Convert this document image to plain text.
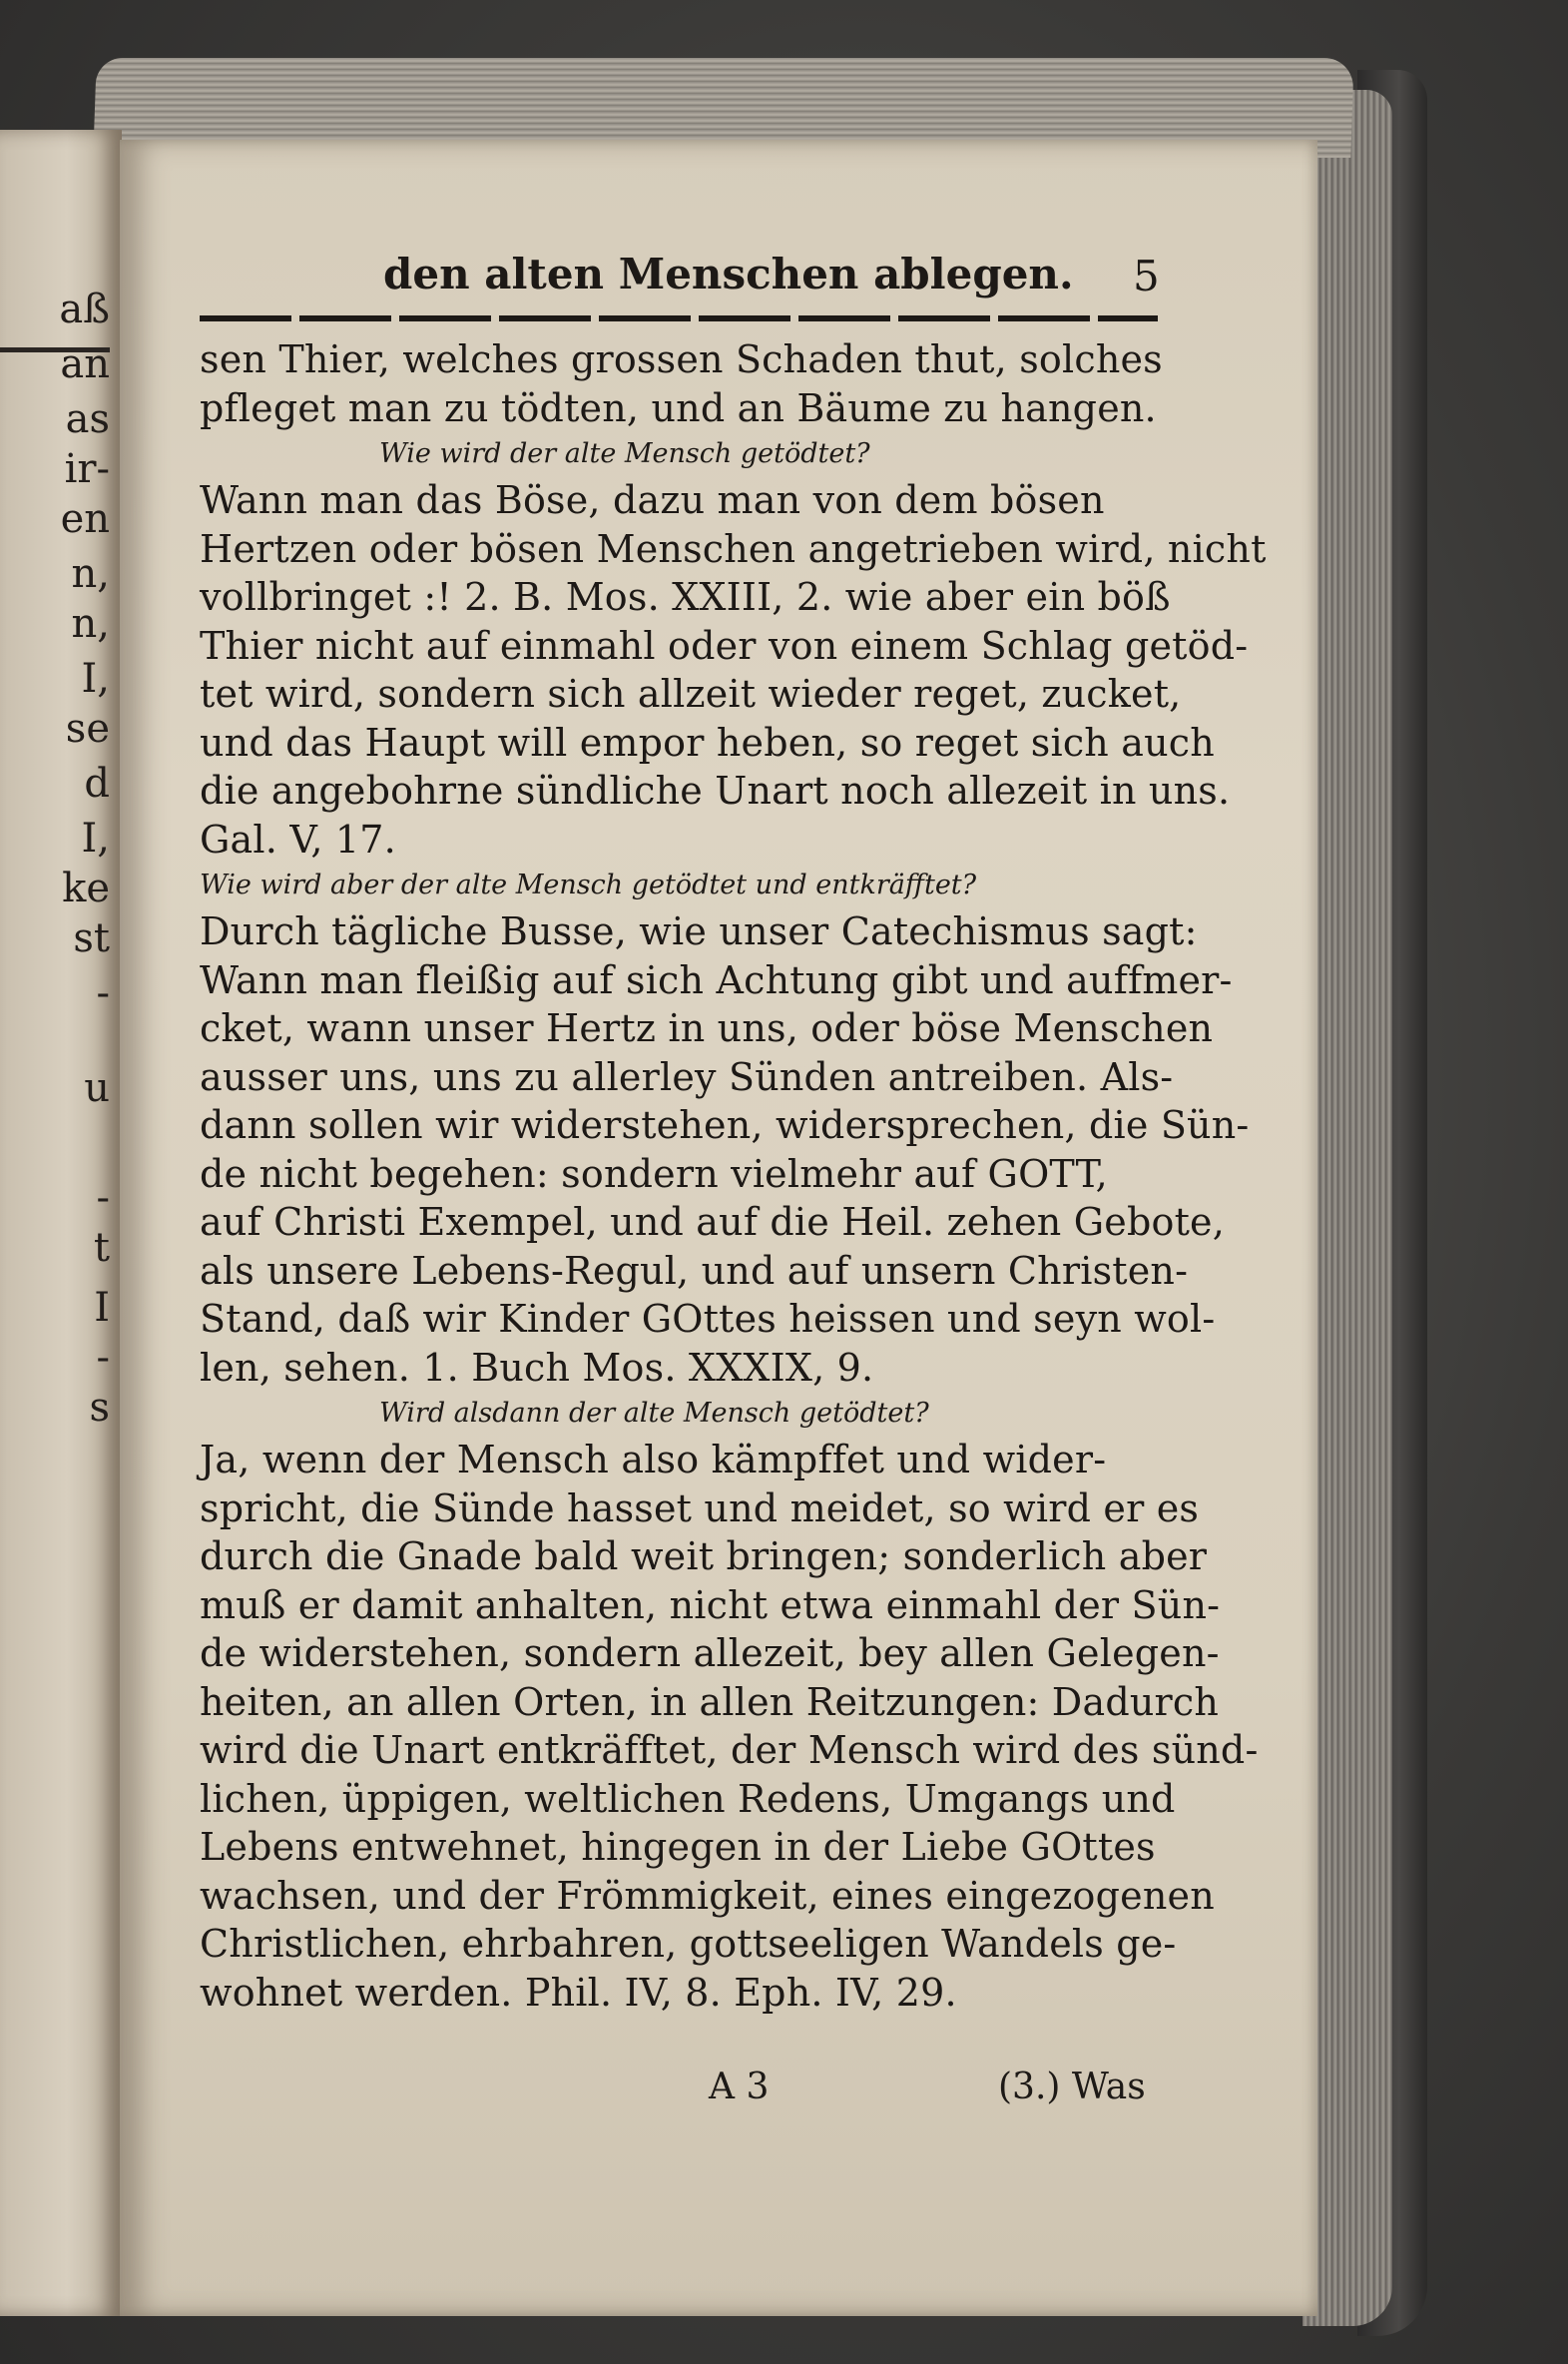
aß
an
as
ir-
en
n,
n,
I,
se
d
I,
ke
st
-
u
-
t
I
-
s
den alten Menschen ablegen. 5
sen Thier, welches grossen Schaden thut, solches
pfleget man zu tödten, und an Bäume zu hangen.
Wie wird der alte Mensch getödtet?
Wann man das Böse, dazu man von dem bösen
Hertzen oder bösen Menschen angetrieben wird, nicht
vollbringet :! 2. B. Mos. XXIII, 2. wie aber ein böß
Thier nicht auf einmahl oder von einem Schlag getöd-
tet wird, sondern sich allzeit wieder reget, zucket,
und das Haupt will empor heben, so reget sich auch
die angebohrne sündliche Unart noch allezeit in uns.
Gal. V, 17.
Wie wird aber der alte Mensch getödtet und entkräfftet?
Durch tägliche Busse, wie unser Catechismus sagt:
Wann man fleißig auf sich Achtung gibt und auffmer-
cket, wann unser Hertz in uns, oder böse Menschen
ausser uns, uns zu allerley Sünden antreiben. Als-
dann sollen wir widerstehen, widersprechen, die Sün-
de nicht begehen: sondern vielmehr auf GOTT,
auf Christi Exempel, und auf die Heil. zehen Gebote,
als unsere Lebens-Regul, und auf unsern Christen-
Stand, daß wir Kinder GOttes heissen und seyn wol-
len, sehen. 1. Buch Mos. XXXIX, 9.
Wird alsdann der alte Mensch getödtet?
Ja, wenn der Mensch also kämpffet und wider-
spricht, die Sünde hasset und meidet, so wird er es
durch die Gnade bald weit bringen; sonderlich aber
muß er damit anhalten, nicht etwa einmahl der Sün-
de widerstehen, sondern allezeit, bey allen Gelegen-
heiten, an allen Orten, in allen Reitzungen: Dadurch
wird die Unart entkräfftet, der Mensch wird des sünd-
lichen, üppigen, weltlichen Redens, Umgangs und
Lebens entwehnet, hingegen in der Liebe GOttes
wachsen, und der Frömmigkeit, eines eingezogenen
Christlichen, ehrbahren, gottseeligen Wandels ge-
wohnet werden. Phil. IV, 8. Eph. IV, 29.
A 3	(3.) Was
